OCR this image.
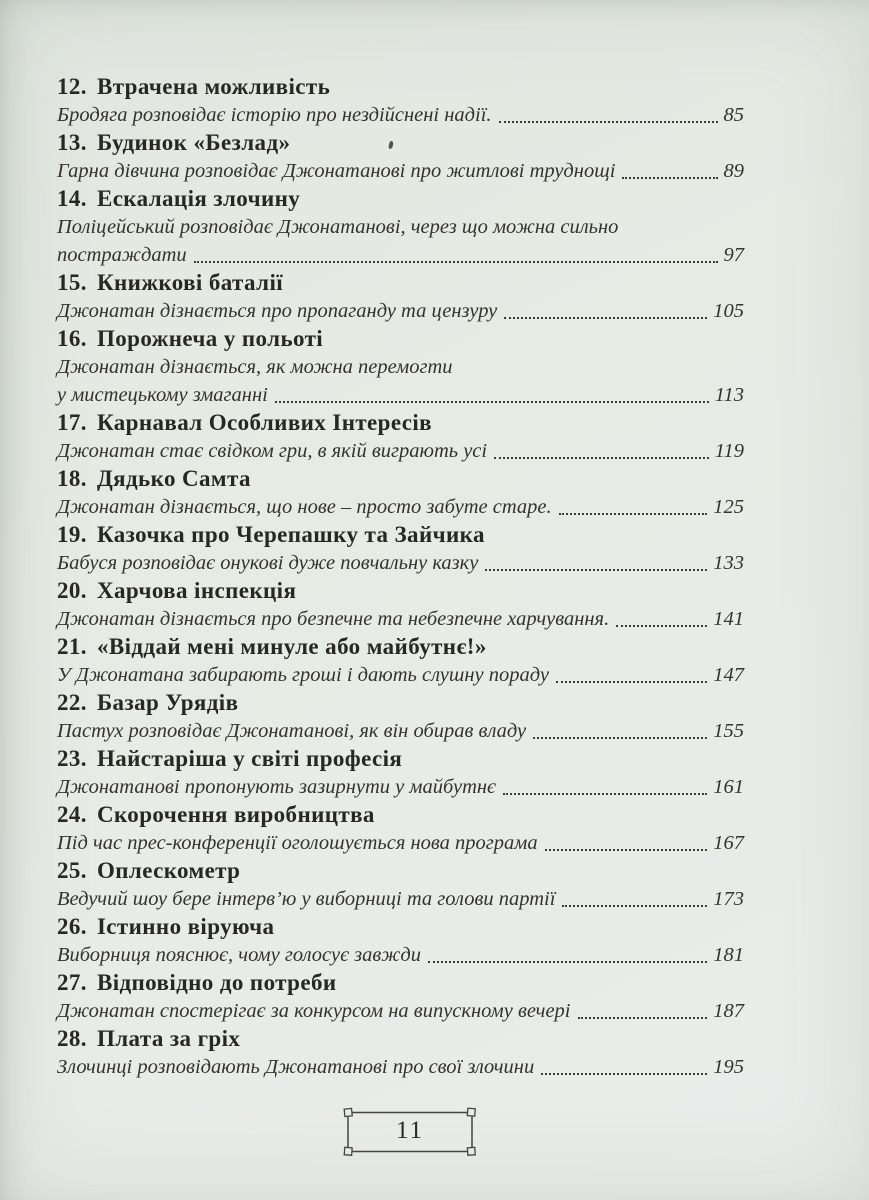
12. Втрачена можливість
Бродяга розповідає історію про нездійснені надії.	85
13. Будинок «Безлад»
Гарна дівчина розповідає Джонатанові про житлові труднощі	89
14. Ескалація злочину
Поліцейський розповідає Джонатанові, через що можна сильно
постраждати	97
15. Книжкові баталії
Джонатан дізнається про пропаганду та цензуру	105
16. Порожнеча у польоті
Джонатан дізнається, як можна перемогти
у мистецькому змаганні	113
17. Карнавал Особливих Інтересів
Джонатан стає свідком гри, в якій виграють усі	119
18. Дядько Самта
Джонатан дізнається, що нове – просто забуте старе.	125
19. Казочка про Черепашку та Зайчика
Бабуся розповідає онукові дуже повчальну казку	133
20. Харчова інспекція
Джонатан дізнається про безпечне та небезпечне харчування.	141
21. «Віддай мені минуле або майбутнє!»
У Джонатана забирають гроші і дають слушну пораду	147
22. Базар Урядів
Пастух розповідає Джонатанові, як він обирав владу	155
23. Найстаріша у світі професія
Джонатанові пропонують зазирнути у майбутнє	161
24. Скорочення виробництва
Під час прес-конференції оголошується нова програма	167
25. Оплескометр
Ведучий шоу бере інтерв’ю у виборниці та голови партії	173
26. Істинно віруюча
Виборниця пояснює, чому голосує завжди	181
27. Відповідно до потреби
Джонатан спостерігає за конкурсом на випускному вечері	187
28. Плата за гріх
Злочинці розповідають Джонатанові про свої злочини	195
11
